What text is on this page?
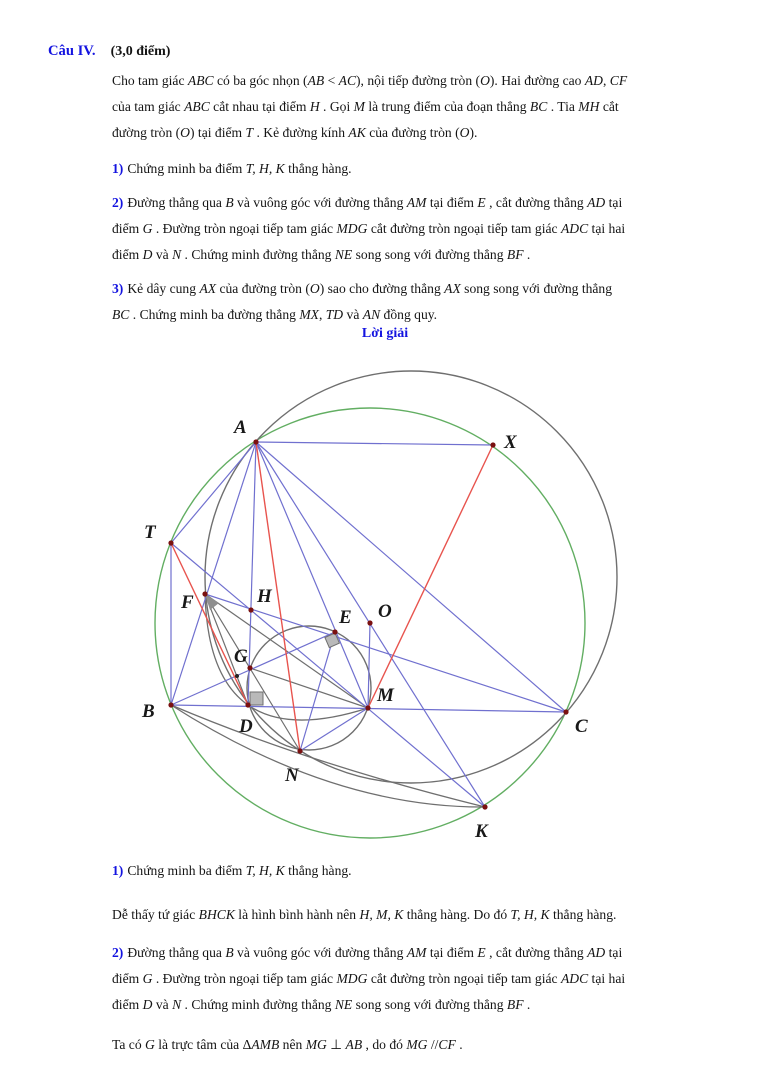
Câu IV. (3,0 điểm)
Cho tam giác ABC có ba góc nhọn (AB < AC), nội tiếp đường tròn (O). Hai đường cao AD, CF
của tam giác ABC cắt nhau tại điểm H . Gọi M là trung điểm của đoạn thẳng BC . Tia MH cắt
đường tròn (O) tại điểm T . Kẻ đường kính AK của đường tròn (O).
1) Chứng minh ba điểm T, H, K thẳng hàng.
2) Đường thẳng qua B và vuông góc với đường thẳng AM tại điểm E , cắt đường thẳng AD tại
điểm G . Đường tròn ngoại tiếp tam giác MDG cắt đường tròn ngoại tiếp tam giác ADC tại hai
điểm D và N . Chứng minh đường thẳng NE song song với đường thẳng BF .
3) Kẻ dây cung AX của đường tròn (O) sao cho đường thẳng AX song song với đường thẳng
BC . Chứng minh ba đường thẳng MX, TD và AN đồng quy.
Lời giải
A
X
T
F	H
E O
G
B
D
M
C
N
K
1) Chứng minh ba điểm T, H, K thẳng hàng.
Dễ thấy tứ giác BHCK là hình bình hành nên H, M, K thẳng hàng. Do đó T, H, K thẳng hàng.
2) Đường thẳng qua B và vuông góc với đường thẳng AM tại điểm E , cắt đường thẳng AD tại
điểm G . Đường tròn ngoại tiếp tam giác MDG cắt đường tròn ngoại tiếp tam giác ADC tại hai
điểm D và N . Chứng minh đường thẳng NE song song với đường thẳng BF .
Ta có G là trực tâm của ΔAMB nên MG ⊥ AB , do đó MG //CF .
